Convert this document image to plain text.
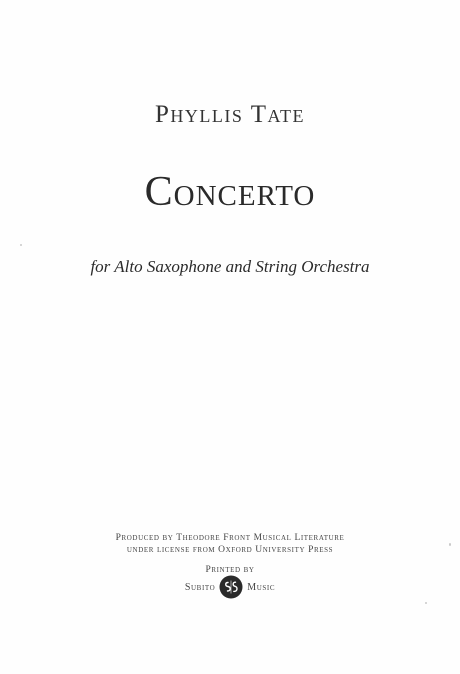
Phyllis Tate
Concerto
for Alto Saxophone and String Orchestra
Produced by Theodore Front Musical Literature
under license from Oxford University Press
Printed by
Subito	Music
